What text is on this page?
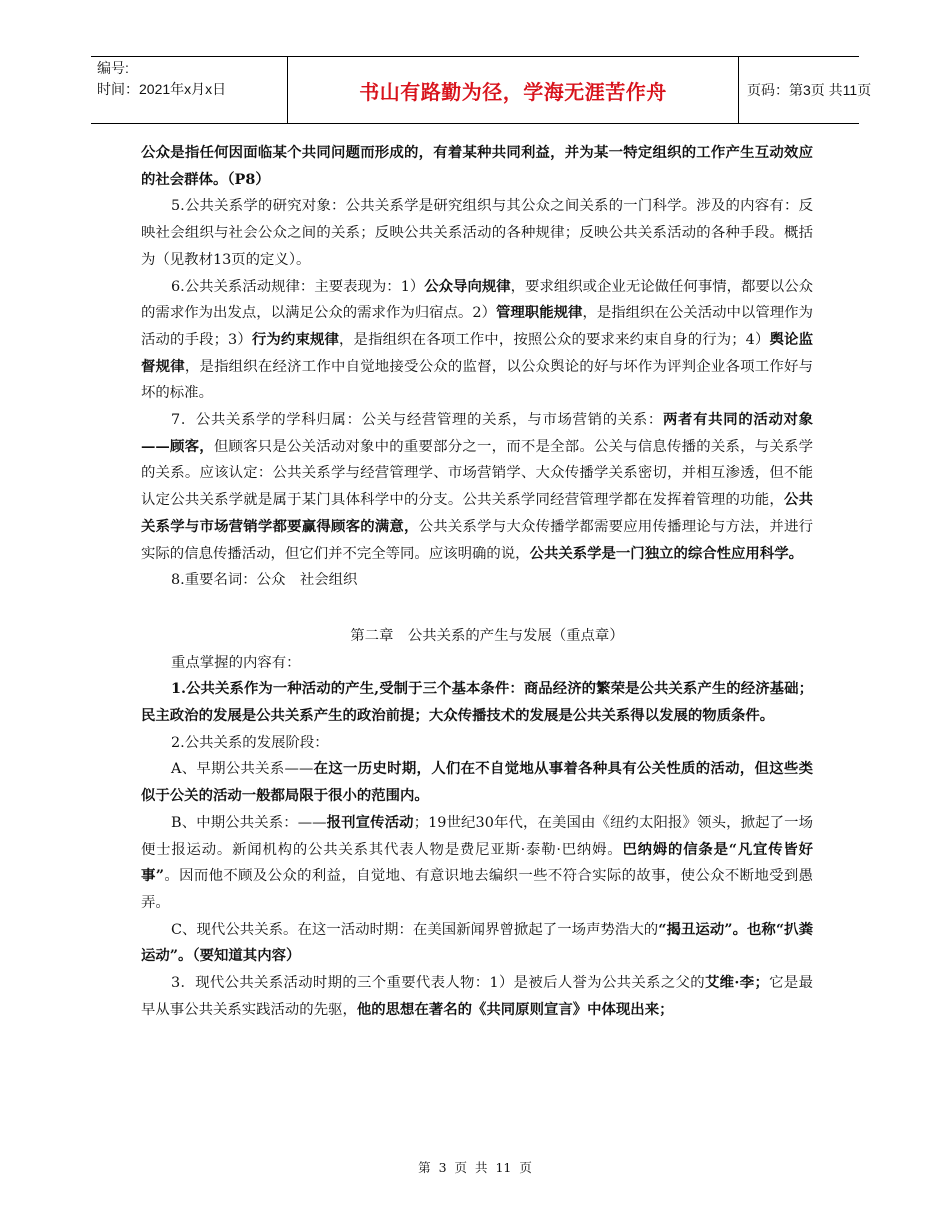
编号:
时间：2021年x月x日	书山有路勤为径，学海无涯苦作舟	页码：第3页 共11页

公众是指任何因面临某个共同问题而形成的，有着某种共同利益，并为某一特定组织的工作产生互动效应的社会群体。（P8）

5.公共关系学的研究对象：公共关系学是研究组织与其公众之间关系的一门科学。涉及的内容有：反映社会组织与社会公众之间的关系；反映公共关系活动的各种规律；反映公共关系活动的各种手段。概括为（见教材13页的定义）。

6.公共关系活动规律：主要表现为：1）公众导向规律，要求组织或企业无论做任何事情，都要以公众的需求作为出发点，以满足公众的需求作为归宿点。2）管理职能规律，是指组织在公关活动中以管理作为活动的手段；3）行为约束规律，是指组织在各项工作中，按照公众的要求来约束自身的行为；4）舆论监督规律，是指组织在经济工作中自觉地接受公众的监督，以公众舆论的好与坏作为评判企业各项工作好与坏的标准。

7．公共关系学的学科归属：公关与经营管理的关系，与市场营销的关系：两者有共同的活动对象——顾客，但顾客只是公关活动对象中的重要部分之一，而不是全部。公关与信息传播的关系，与关系学的关系。应该认定：公共关系学与经营管理学、市场营销学、大众传播学关系密切，并相互渗透，但不能认定公共关系学就是属于某门具体科学中的分支。公共关系学同经营管理学都在发挥着管理的功能，公共关系学与市场营销学都要赢得顾客的满意，公共关系学与大众传播学都需要应用传播理论与方法，并进行实际的信息传播活动，但它们并不完全等同。应该明确的说，公共关系学是一门独立的综合性应用科学。

8.重要名词：公众　社会组织

第二章　公共关系的产生与发展（重点章）

重点掌握的内容有：

1.公共关系作为一种活动的产生,受制于三个基本条件：商品经济的繁荣是公共关系产生的经济基础；民主政治的发展是公共关系产生的政治前提；大众传播技术的发展是公共关系得以发展的物质条件。

2.公共关系的发展阶段：

A、早期公共关系——在这一历史时期，人们在不自觉地从事着各种具有公关性质的活动，但这些类似于公关的活动一般都局限于很小的范围内。

B、中期公共关系：——报刊宣传活动；19世纪30年代，在美国由《纽约太阳报》领头，掀起了一场便士报运动。新闻机构的公共关系其代表人物是费尼亚斯·泰勒·巴纳姆。巴纳姆的信条是“凡宜传皆好事”。因而他不顾及公众的利益，自觉地、有意识地去编织一些不符合实际的故事，使公众不断地受到愚弄。

C、现代公共关系。在这一活动时期：在美国新闻界曾掀起了一场声势浩大的“揭丑运动”。也称“扒粪运动”。（要知道其内容）

3．现代公共关系活动时期的三个重要代表人物：1）是被后人誉为公共关系之父的艾维·李；它是最早从事公共关系实践活动的先驱，他的思想在著名的《共同原则宣言》中体现出来；

第 3 页 共 11 页
